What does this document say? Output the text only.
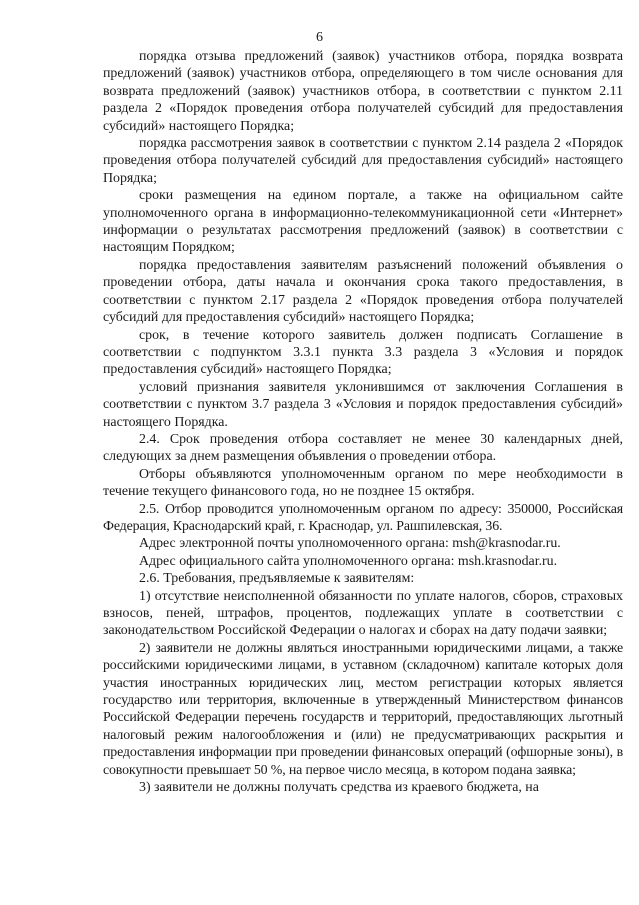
6

порядка отзыва предложений (заявок) участников отбора, порядка возврата предложений (заявок) участников отбора, определяющего в том числе основания для возврата предложений (заявок) участников отбора, в соответствии с пунктом 2.11 раздела 2 «Порядок проведения отбора получателей субсидий для предоставления субсидий» настоящего Порядка;

порядка рассмотрения заявок в соответствии с пунктом 2.14 раздела 2 «Порядок проведения отбора получателей субсидий для предоставления субсидий» настоящего Порядка;

сроки размещения на едином портале, а также на официальном сайте уполномоченного органа в информационно-телекоммуникационной сети «Интернет» информации о результатах рассмотрения предложений (заявок) в соответствии с настоящим Порядком;

порядка предоставления заявителям разъяснений положений объявления о проведении отбора, даты начала и окончания срока такого предоставления, в соответствии с пунктом 2.17 раздела 2 «Порядок проведения отбора получателей субсидий для предоставления субсидий» настоящего Порядка;

срок, в течение которого заявитель должен подписать Соглашение в соответствии с подпунктом 3.3.1 пункта 3.3 раздела 3 «Условия и порядок предоставления субсидий» настоящего Порядка;

условий признания заявителя уклонившимся от заключения Соглашения в соответствии с пунктом 3.7 раздела 3 «Условия и порядок предоставления субсидий» настоящего Порядка.

2.4. Срок проведения отбора составляет не менее 30 календарных дней, следующих за днем размещения объявления о проведении отбора.

Отборы объявляются уполномоченным органом по мере необходимости в течение текущего финансового года, но не позднее 15 октября.

2.5. Отбор проводится уполномоченным органом по адресу: 350000, Российская Федерация, Краснодарский край, г. Краснодар, ул. Рашпилевская, 36.

Адрес электронной почты уполномоченного органа: msh@krasnodar.ru.

Адрес официального сайта уполномоченного органа: msh.krasnodar.ru.

2.6. Требования, предъявляемые к заявителям:

1) отсутствие неисполненной обязанности по уплате налогов, сборов, страховых взносов, пеней, штрафов, процентов, подлежащих уплате в соответствии с законодательством Российской Федерации о налогах и сборах на дату подачи заявки;

2) заявители не должны являться иностранными юридическими лицами, а также российскими юридическими лицами, в уставном (складочном) капитале которых доля участия иностранных юридических лиц, местом регистрации которых является государство или территория, включенные в утвержденный Министерством финансов Российской Федерации перечень государств и территорий, предоставляющих льготный налоговый режим налогообложения и (или) не предусматривающих раскрытия и предоставления информации при проведении финансовых операций (офшорные зоны), в совокупности превышает 50 %, на первое число месяца, в котором подана заявка;

3) заявители не должны получать средства из краевого бюджета, на
